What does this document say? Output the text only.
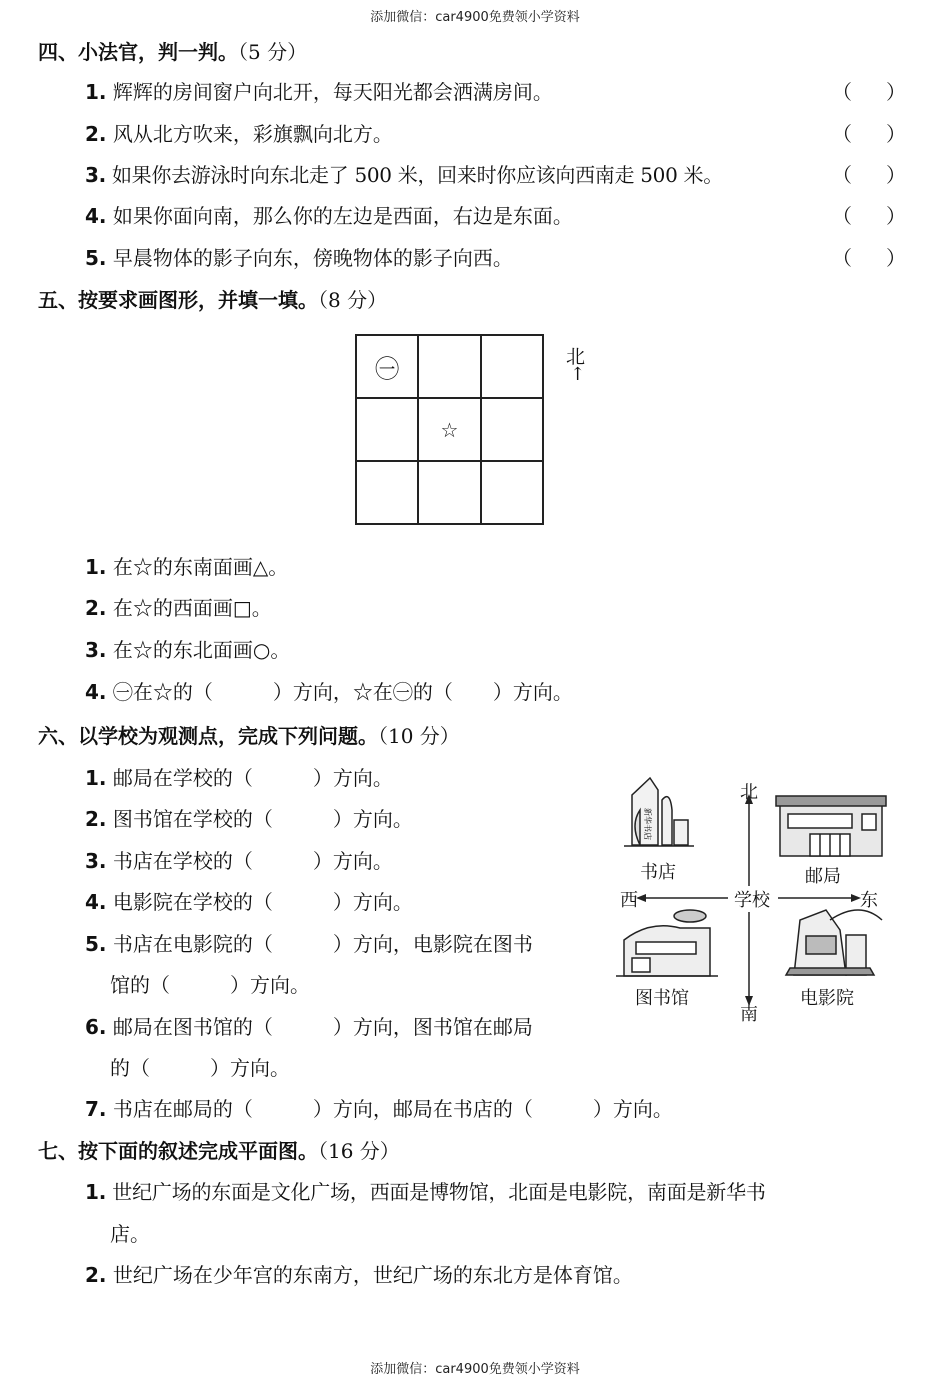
添加微信：car4900免费领小学资料
四、小法官，判一判。（5 分）
1. 辉辉的房间窗户向北开，每天阳光都会洒满房间。	（ ）
2. 风从北方吹来，彩旗飘向北方。	（ ）
3. 如果你去游泳时向东北走了 500 米，回来时你应该向西南走 500 米。	（ ）
4. 如果你面向南，那么你的左边是西面，右边是东面。	（ ）
5. 早晨物体的影子向东，傍晚物体的影子向西。	（ ）
五、按要求画图形，并填一填。（8 分）
㊀
☆
北
↑
1. 在☆的东南面画△。
2. 在☆的西面画□。
3. 在☆的东北面画○。
4. ㊀在☆的（　　　）方向，☆在㊀的（　　）方向。
六、以学校为观测点，完成下列问题。（10 分）
1. 邮局在学校的（　　　）方向。
2. 图书馆在学校的（　　　）方向。
3. 书店在学校的（　　　）方向。
4. 电影院在学校的（　　　）方向。
5. 书店在电影院的（　　　）方向，电影院在图书
馆的（　　　）方向。
6. 邮局在图书馆的（　　　）方向，图书馆在邮局
的（　　　）方向。
7. 书店在邮局的（　　　）方向，邮局在书店的（　　　）方向。
新华书店
北
南
东
西	学校
书店	邮局
图书馆	电影院
七、按下面的叙述完成平面图。（16 分）
1. 世纪广场的东面是文化广场，西面是博物馆，北面是电影院，南面是新华书
店。
2. 世纪广场在少年宫的东南方，世纪广场的东北方是体育馆。
添加微信：car4900免费领小学资料
